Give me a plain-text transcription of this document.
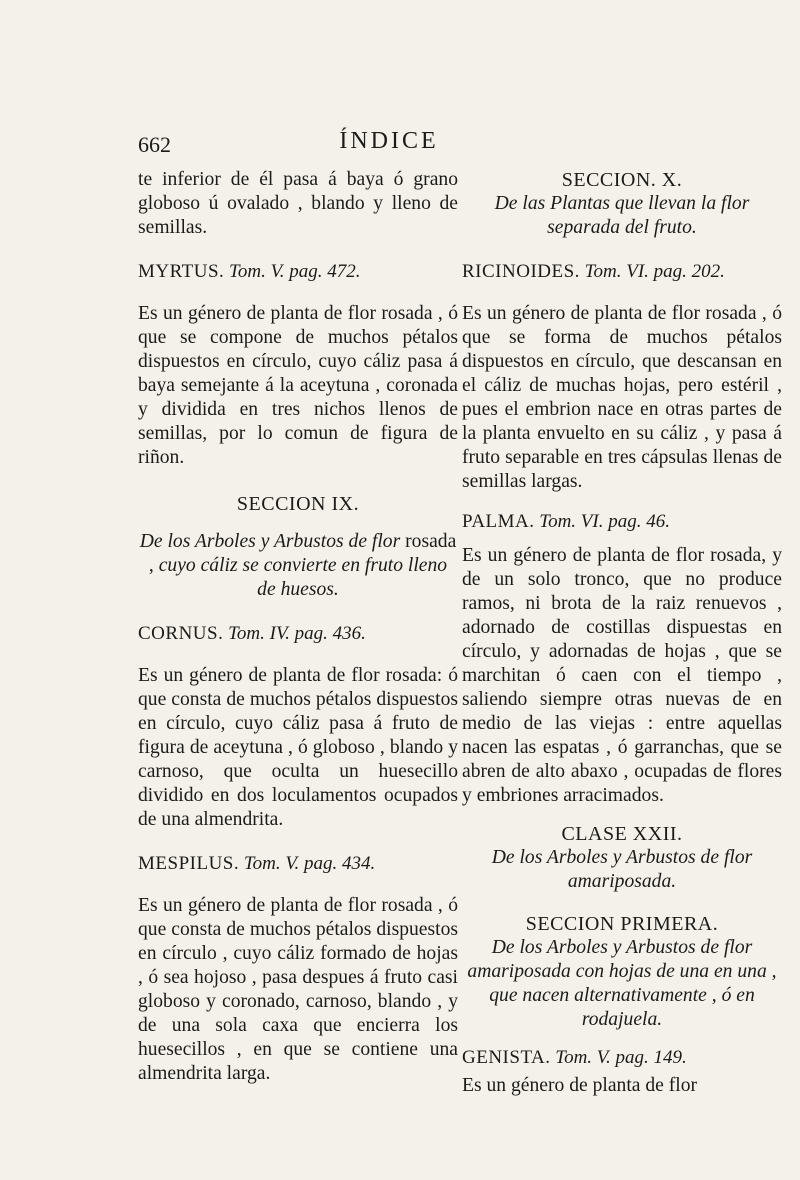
662	ÍNDICE

te inferior de él pasa á baya ó grano globoso ú ovalado , blando y lleno de semillas.

MYRTUS. Tom. V. pag. 472.

Es un género de planta de flor rosada , ó que se compone de muchos pétalos dispuestos en círculo, cuyo cáliz pasa á baya semejante á la aceytuna , coronada y dividida en tres nichos llenos de semillas, por lo comun de figura de riñon.

SECCION IX.

De los Arboles y Arbustos de flor rosada , cuyo cáliz se convierte en fruto lleno de huesos.

CORNUS. Tom. IV. pag. 436.

Es un género de planta de flor rosada: ó que consta de muchos pétalos dispuestos en círculo, cuyo cáliz pasa á fruto de figura de aceytuna , ó globoso , blando y carnoso, que oculta un huesecillo dividido en dos loculamentos ocupados de una almendrita.

MESPILUS. Tom. V. pag. 434.

Es un género de planta de flor rosada , ó que consta de muchos pétalos dispuestos en círculo , cuyo cáliz formado de hojas , ó sea hojoso , pasa despues á fruto casi globoso y coronado, carnoso, blando , y de una sola caxa que encierra los huesecillos , en que se contiene una almendrita larga.

SECCION. X.

De las Plantas que llevan la flor separada del fruto.

RICINOIDES. Tom. VI. pag. 202.

Es un género de planta de flor rosada , ó que se forma de muchos pétalos dispuestos en círculo, que descansan en el cáliz de muchas hojas, pero estéril , pues el embrion nace en otras partes de la planta envuelto en su cáliz , y pasa á fruto separable en tres cápsulas llenas de semillas largas.

PALMA. Tom. VI. pag. 46.

Es un género de planta de flor rosada, y de un solo tronco, que no produce ramos, ni brota de la raiz renuevos , adornado de costillas dispuestas en círculo, y adornadas de hojas , que se marchitan ó caen con el tiempo , saliendo siempre otras nuevas de en medio de las viejas : entre aquellas nacen las espatas , ó garranchas, que se abren de alto abaxo , ocupadas de flores y embriones arracimados.

CLASE XXII.

De los Arboles y Arbustos de flor amariposada.

SECCION PRIMERA.

De los Arboles y Arbustos de flor amariposada con hojas de una en una , que nacen alternativamente , ó en rodajuela.

GENISTA. Tom. V. pag. 149.

Es un género de planta de flor
